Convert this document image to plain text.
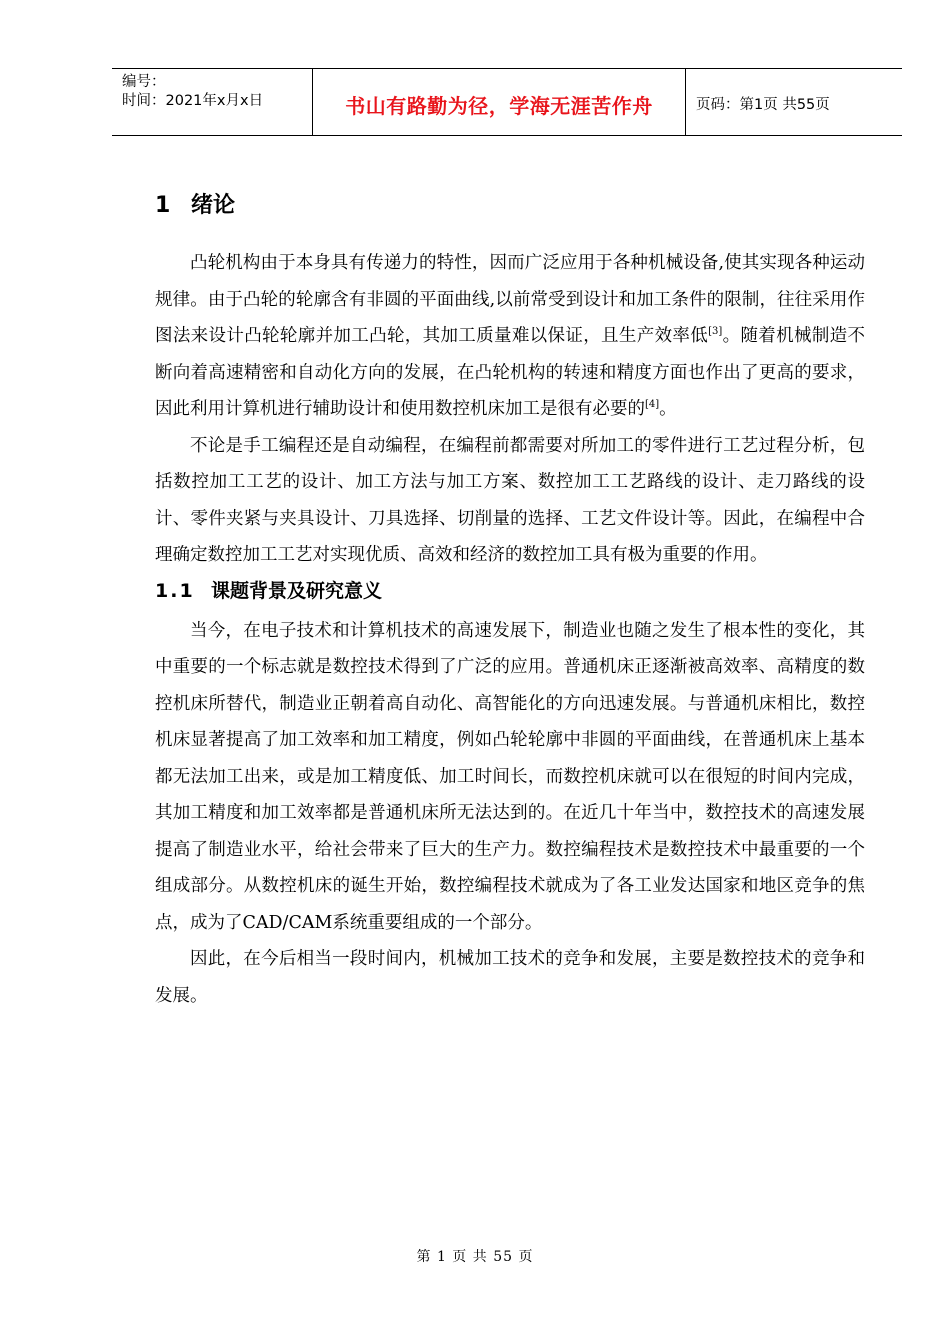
编号：
时间：2021年x月x日	书山有路勤为径，学海无涯苦作舟	页码：第1页 共55页
1 绪论

凸轮机构由于本身具有传递力的特性，因而广泛应用于各种机械设备,使其实现各种运动规律。由于凸轮的轮廓含有非圆的平面曲线,以前常受到设计和加工条件的限制，往往采用作图法来设计凸轮轮廓并加工凸轮，其加工质量难以保证，且生产效率低[3]。随着机械制造不断向着高速精密和自动化方向的发展，在凸轮机构的转速和精度方面也作出了更高的要求，因此利用计算机进行辅助设计和使用数控机床加工是很有必要的[4]。

不论是手工编程还是自动编程，在编程前都需要对所加工的零件进行工艺过程分析，包括数控加工工艺的设计、加工方法与加工方案、数控加工工艺路线的设计、走刀路线的设计、零件夹紧与夹具设计、刀具选择、切削量的选择、工艺文件设计等。因此，在编程中合理确定数控加工工艺对实现优质、高效和经济的数控加工具有极为重要的作用。

1.1 课题背景及研究意义

当今，在电子技术和计算机技术的高速发展下，制造业也随之发生了根本性的变化，其中重要的一个标志就是数控技术得到了广泛的应用。普通机床正逐渐被高效率、高精度的数控机床所替代，制造业正朝着高自动化、高智能化的方向迅速发展。与普通机床相比，数控机床显著提高了加工效率和加工精度，例如凸轮轮廓中非圆的平面曲线，在普通机床上基本都无法加工出来，或是加工精度低、加工时间长，而数控机床就可以在很短的时间内完成，其加工精度和加工效率都是普通机床所无法达到的。在近几十年当中，数控技术的高速发展提高了制造业水平，给社会带来了巨大的生产力。数控编程技术是数控技术中最重要的一个组成部分。从数控机床的诞生开始，数控编程技术就成为了各工业发达国家和地区竞争的焦点，成为了CAD/CAM系统重要组成的一个部分。

因此，在今后相当一段时间内，机械加工技术的竞争和发展，主要是数控技术的竞争和发展。

第 1 页 共 55 页
